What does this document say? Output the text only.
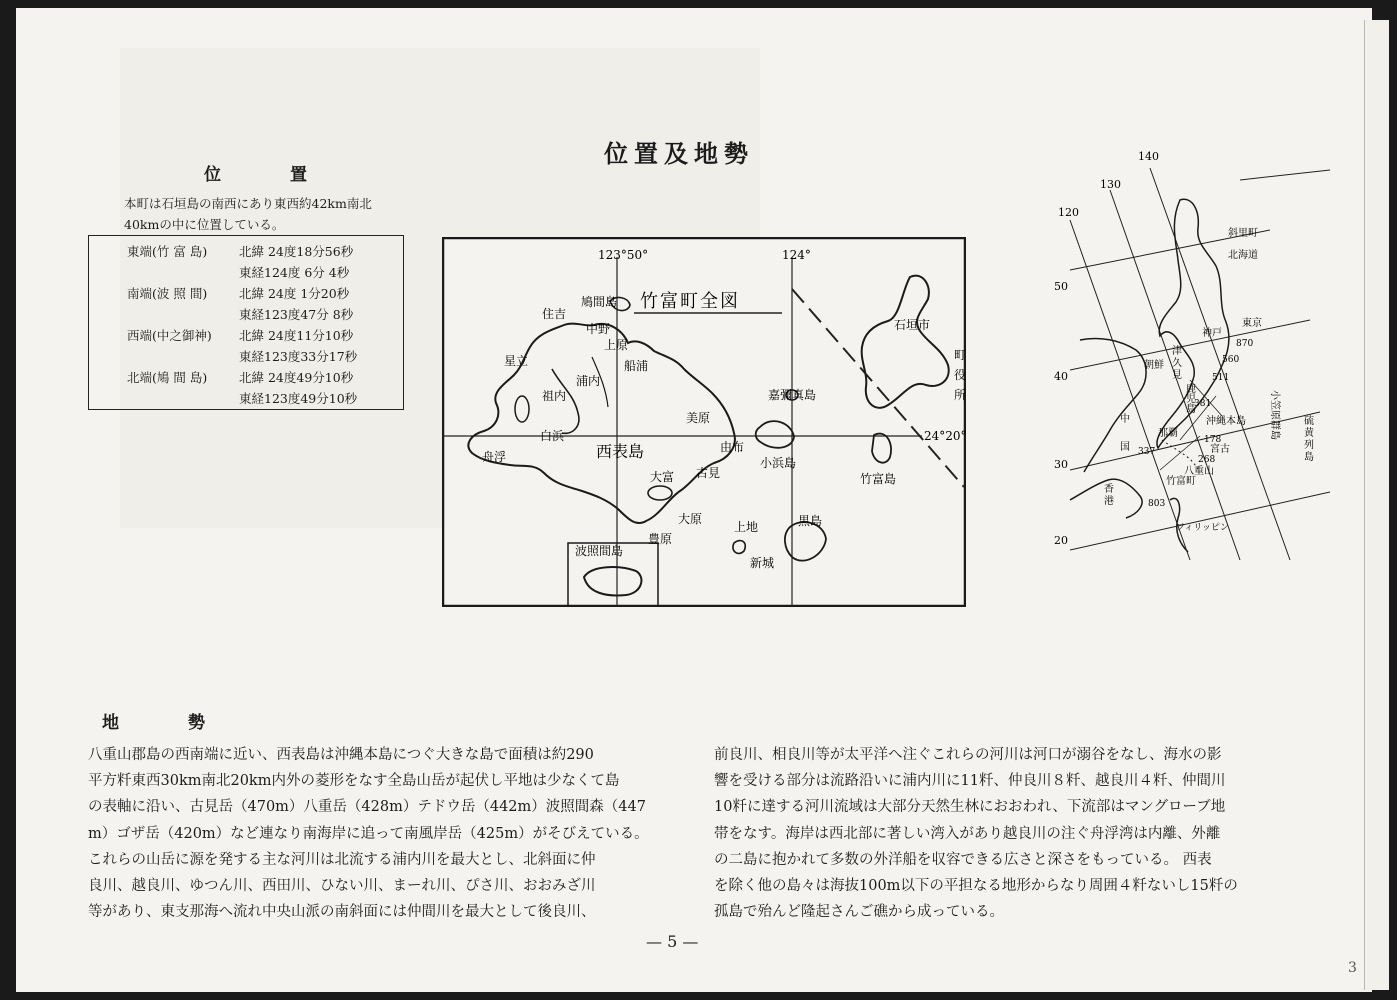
位置及地勢
位　置
本町は石垣島の南西にあり東西約42km南北40kmの中に位置している。
東端(竹 富 島)	北緯 24度18分56秒
東経124度 6分 4秒
南端(波 照 間)	北緯 24度 1分20秒
東経123度47分 8秒
西端(中之御神) 北緯 24度11分10秒
東経123度33分17秒
北端(鳩 間 島)	北緯 24度49分10秒
東経123度49分10秒
123°50°	124°
24°20°
竹富町全図
波照間島
鳩間島
住吉
中野
上原
星立	船浦
浦内
祖内
白浜
舟浮	西表島
美原
由布
大富 古見
大原
豊原
嘉彌真島
小浜島
上地
新城
黒島
竹富島
石垣市
町
役
所
140
130
120
50
40
30
20
斜里町
北海道
東京
神戸
870
560
511
朝鮮
津
久
見
鹿
児
島
381	小笠原群島
沖縄本島
中
国
那覇
178
宮古
268
八重山
竹富町
337
803
硫
黄
列
島
香
港
フィリッピン
地　勢
八重山郡島の西南端に近い、西表島は沖縄本島につぐ大きな島で面積は約290
平方粁東西30km南北20km内外の菱形をなす全島山岳が起伏し平地は少なくて島
の表軸に沿い、古見岳（470m）八重岳（428m）テドウ岳（442m）波照間森（447
m）ゴザ岳（420m）など連なり南海岸に追って南風岸岳（425m）がそびえている。
これらの山岳に源を発する主な河川は北流する浦内川を最大とし、北斜面に仲
良川、越良川、ゆつん川、西田川、ひない川、まーれ川、ぴさ川、おおみざ川
等があり、東支那海へ流れ中央山派の南斜面には仲間川を最大として後良川、
前良川、相良川等が太平洋へ注ぐこれらの河川は河口が溺谷をなし、海水の影
響を受ける部分は流路沿いに浦内川に11粁、仲良川８粁、越良川４粁、仲間川
10粁に達する河川流域は大部分天然生林におおわれ、下流部はマングローブ地
帯をなす。海岸は西北部に著しい湾入があり越良川の注ぐ舟浮湾は内離、外離
の二島に抱かれて多数の外洋船を収容できる広さと深さをもっている。 西表
を除く他の島々は海抜100m以下の平担なる地形からなり周囲４粁ないし15粁の
孤島で殆んど隆起さんご礁から成っている。
— 5 —
3
